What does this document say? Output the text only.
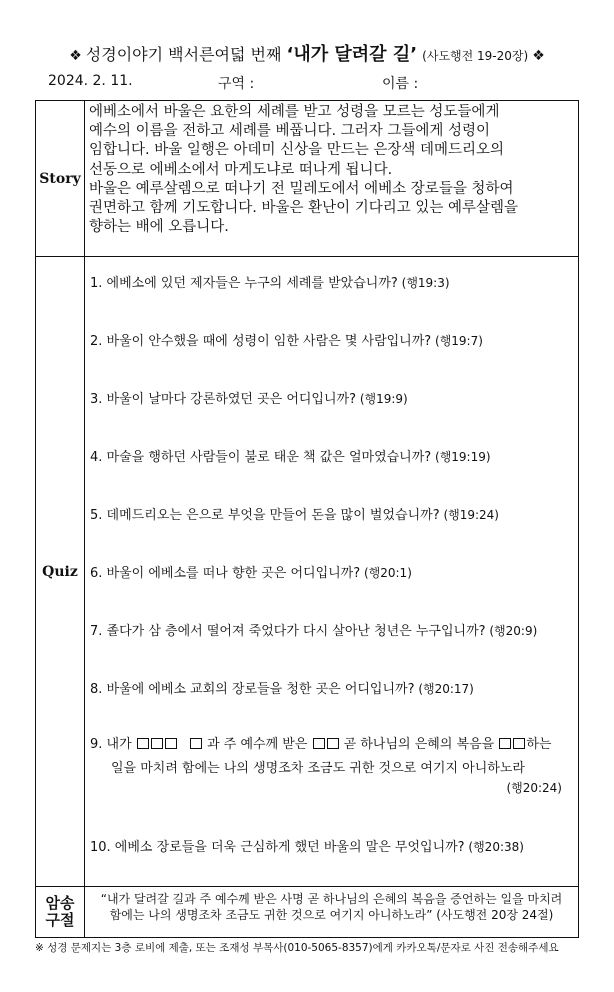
❖ 성경이야기 백서른여덟 번째 ‘내가 달려갈 길’ (사도행전 19-20장) ❖
2024. 2. 11.	구역 :	이름 :
Story

에베소에서 바울은 요한의 세례를 받고 성령을 모르는 성도들에게

예수의 이름을 전하고 세례를 베풉니다. 그러자 그들에게 성령이

임합니다. 바울 일행은 아데미 신상을 만드는 은장색 데메드리오의

선동으로 에베소에서 마게도냐로 떠나게 됩니다.

바울은 예루살렘으로 떠나기 전 밀레도에서 에베소 장로들을 청하여

권면하고 함께 기도합니다. 바울은 환난이 기다리고 있는 예루살렘을

향하는 배에 오릅니다.

Quiz
1. 에베소에 있던 제자들은 누구의 세례를 받았습니까? (행19:3)
2. 바울이 안수했을 때에 성령이 임한 사람은 몇 사람입니까? (행19:7)
3. 바울이 날마다 강론하였던 곳은 어디입니까? (행19:9)
4. 마술을 행하던 사람들이 불로 태운 책 값은 얼마였습니까? (행19:19)
5. 데메드리오는 은으로 부엇을 만들어 돈을 많이 벌었습니까? (행19:24)
6. 바울이 에베소를 떠나 향한 곳은 어디입니까? (행20:1)
7. 졸다가 삼 층에서 떨어져 죽었다가 다시 살아난 청년은 누구입니까? (행20:9)
8. 바울에 에베소 교회의 장로들을 청한 곳은 어디입니까? (행20:17)
9. 내가	과 주 예수께 받은	곧 하나님의 은혜의 복음을 하는
일을 마치려 함에는 나의 생명조차 조금도 귀한 것으로 여기지 아니하노라
(행20:24)
10. 에베소 장로들을 더욱 근심하게 했던 바울의 말은 무엇입니까? (행20:38)
암송
구절
“내가 달려갈 길과 주 예수께 받은 사명 곧 하나님의 은혜의 복음을 증언하는 일을 마치려
함에는 나의 생명조차 조금도 귀한 것으로 여기지 아니하노라” (사도행전 20장 24절)
※ 성경 문제지는 3층 로비에 제출, 또는 조재성 부목사(010-5065-8357)에게 카카오톡/문자로 사진 전송해주세요
